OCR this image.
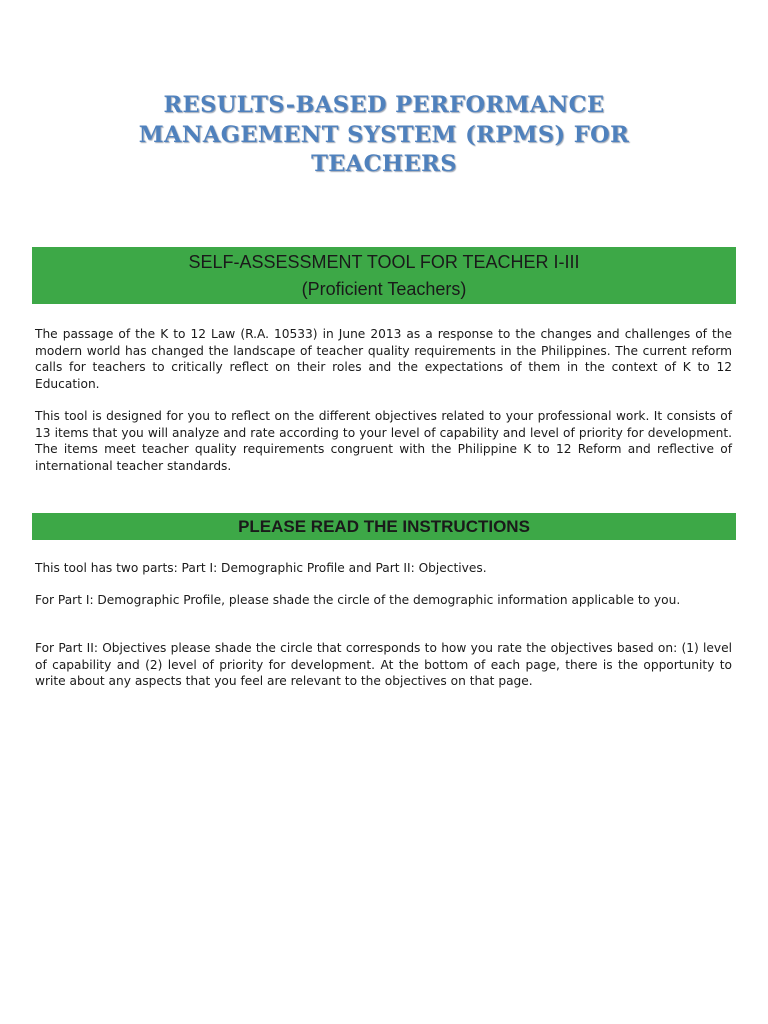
RESULTS-BASED PERFORMANCE
MANAGEMENT SYSTEM (RPMS) FOR
TEACHERS
SELF-ASSESSMENT TOOL FOR TEACHER I-III
(Proficient Teachers)

The passage of the K to 12 Law (R.A. 10533) in June 2013 as a response to the changes and challenges of the modern world has changed the landscape of teacher quality requirements in the Philippines. The current reform calls for teachers to critically reflect on their roles and the expectations of them in the context of K to 12 Education.

This tool is designed for you to reflect on the different objectives related to your professional work. It consists of 13 items that you will analyze and rate according to your level of capability and level of priority for development. The items meet teacher quality requirements congruent with the Philippine K to 12 Reform and reflective of international teacher standards.

PLEASE READ THE INSTRUCTIONS

This tool has two parts: Part I: Demographic Profile and Part II: Objectives.

For Part I: Demographic Profile, please shade the circle of the demographic information applicable to you.

For Part II: Objectives please shade the circle that corresponds to how you rate the objectives based on: (1) level of capability and (2) level of priority for development. At the bottom of each page, there is the opportunity to write about any aspects that you feel are relevant to the objectives on that page.
